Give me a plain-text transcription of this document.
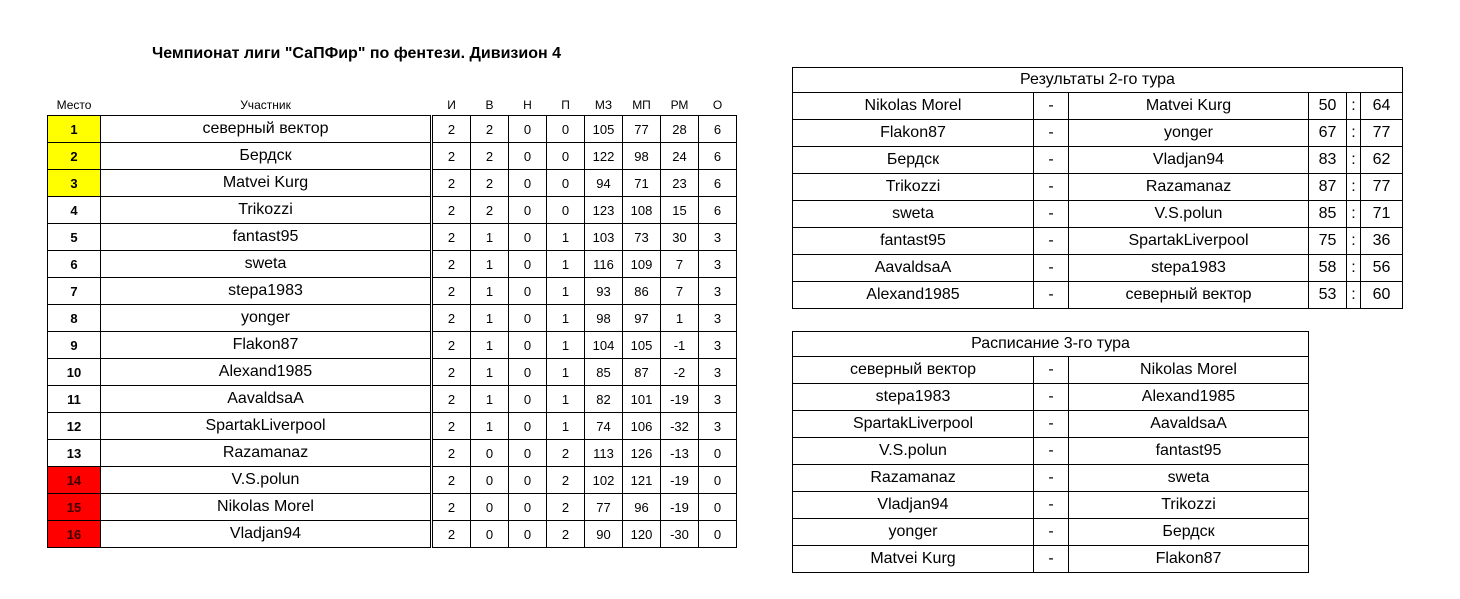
Чемпионат лиги "СаПФир" по фентези. Дивизион 4
Место	Участник		И	В	Н	П	МЗ	МП	РМ	О
1	северный вектор		2	2	0	0	105	77	28	6
2	Бердск		2	2	0	0	122	98	24	6
3	Matvei Kurg		2	2	0	0	94	71	23	6
4	Trikozzi		2	2	0	0	123	108	15	6
5	fantast95		2	1	0	1	103	73	30	3
6	sweta		2	1	0	1	116	109	7	3
7	stepa1983		2	1	0	1	93	86	7	3
8	yonger		2	1	0	1	98	97	1	3
9	Flakon87		2	1	0	1	104	105	-1	3
10	Alexand1985		2	1	0	1	85	87	-2	3
11	AavaldsaA		2	1	0	1	82	101	-19	3
12	SpartakLiverpool		2	1	0	1	74	106	-32	3
13	Razamanaz		2	0	0	2	113	126	-13	0
14	V.S.polun		2	0	0	2	102	121	-19	0
15	Nikolas Morel		2	0	0	2	77	96	-19	0
16	Vladjan94		2	0	0	2	90	120	-30	0
Результаты 2-го тура					
Nikolas Morel	-	Matvei Kurg	50	:	64
Flakon87	-	yonger	67	:	77
Бердск	-	Vladjan94	83	:	62
Trikozzi	-	Razamanaz	87	:	77
sweta	-	V.S.polun	85	:	71
fantast95	-	SpartakLiverpool	75	:	36
AavaldsaA	-	stepa1983	58	:	56
Alexand1985	-	северный вектор	53	:	60
Расписание 3-го тура		
северный вектор	-	Nikolas Morel
stepa1983	-	Alexand1985
SpartakLiverpool	-	AavaldsaA
V.S.polun	-	fantast95
Razamanaz	-	sweta
Vladjan94	-	Trikozzi
yonger	-	Бердск
Matvei Kurg	-	Flakon87
